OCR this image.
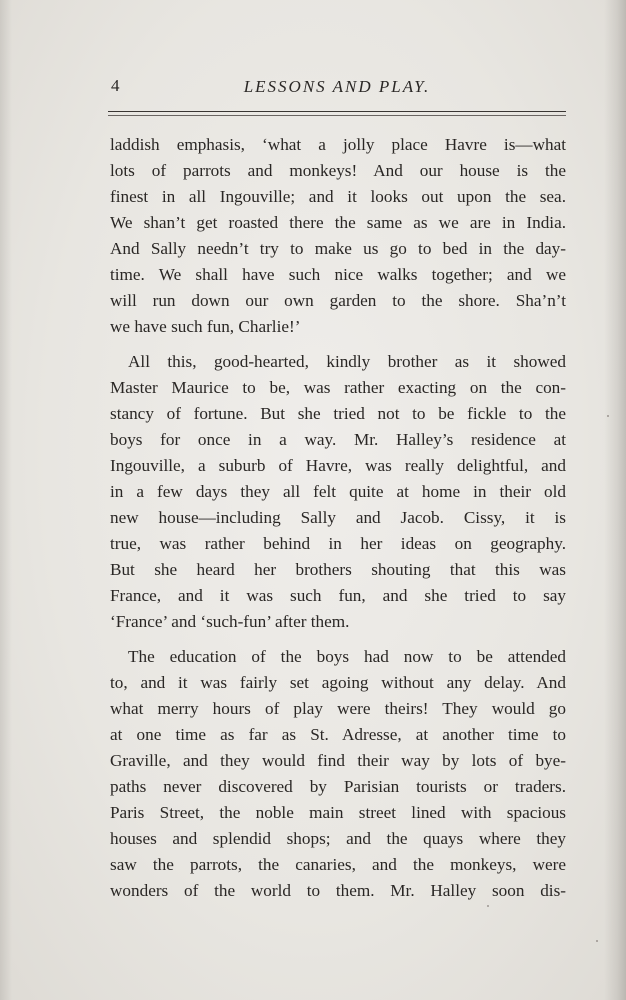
4	LESSONS AND PLAY.
laddish emphasis, ‘what a jolly place Havre is—what
lots of parrots and monkeys! And our house is the
finest in all Ingouville; and it looks out upon the sea.
We shan’t get roasted there the same as we are in India.
And Sally needn’t try to make us go to bed in the day-
time. We shall have such nice walks together; and we
will run down our own garden to the shore. Sha’n’t
we have such fun, Charlie!’
All this, good-hearted, kindly brother as it showed
Master Maurice to be, was rather exacting on the con-
stancy of fortune. But she tried not to be fickle to the
boys for once in a way. Mr. Halley’s residence at
Ingouville, a suburb of Havre, was really delightful, and
in a few days they all felt quite at home in their old
new house—including Sally and Jacob. Cissy, it is
true, was rather behind in her ideas on geography.
But she heard her brothers shouting that this was
France, and it was such fun, and she tried to say
‘France’ and ‘such-fun’ after them.
The education of the boys had now to be attended
to, and it was fairly set agoing without any delay. And
what merry hours of play were theirs! They would go
at one time as far as St. Adresse, at another time to
Graville, and they would find their way by lots of bye-
paths never discovered by Parisian tourists or traders.
Paris Street, the noble main street lined with spacious
houses and splendid shops; and the quays where they
saw the parrots, the canaries, and the monkeys, were
wonders of the world to them. Mr. Halley soon dis-
